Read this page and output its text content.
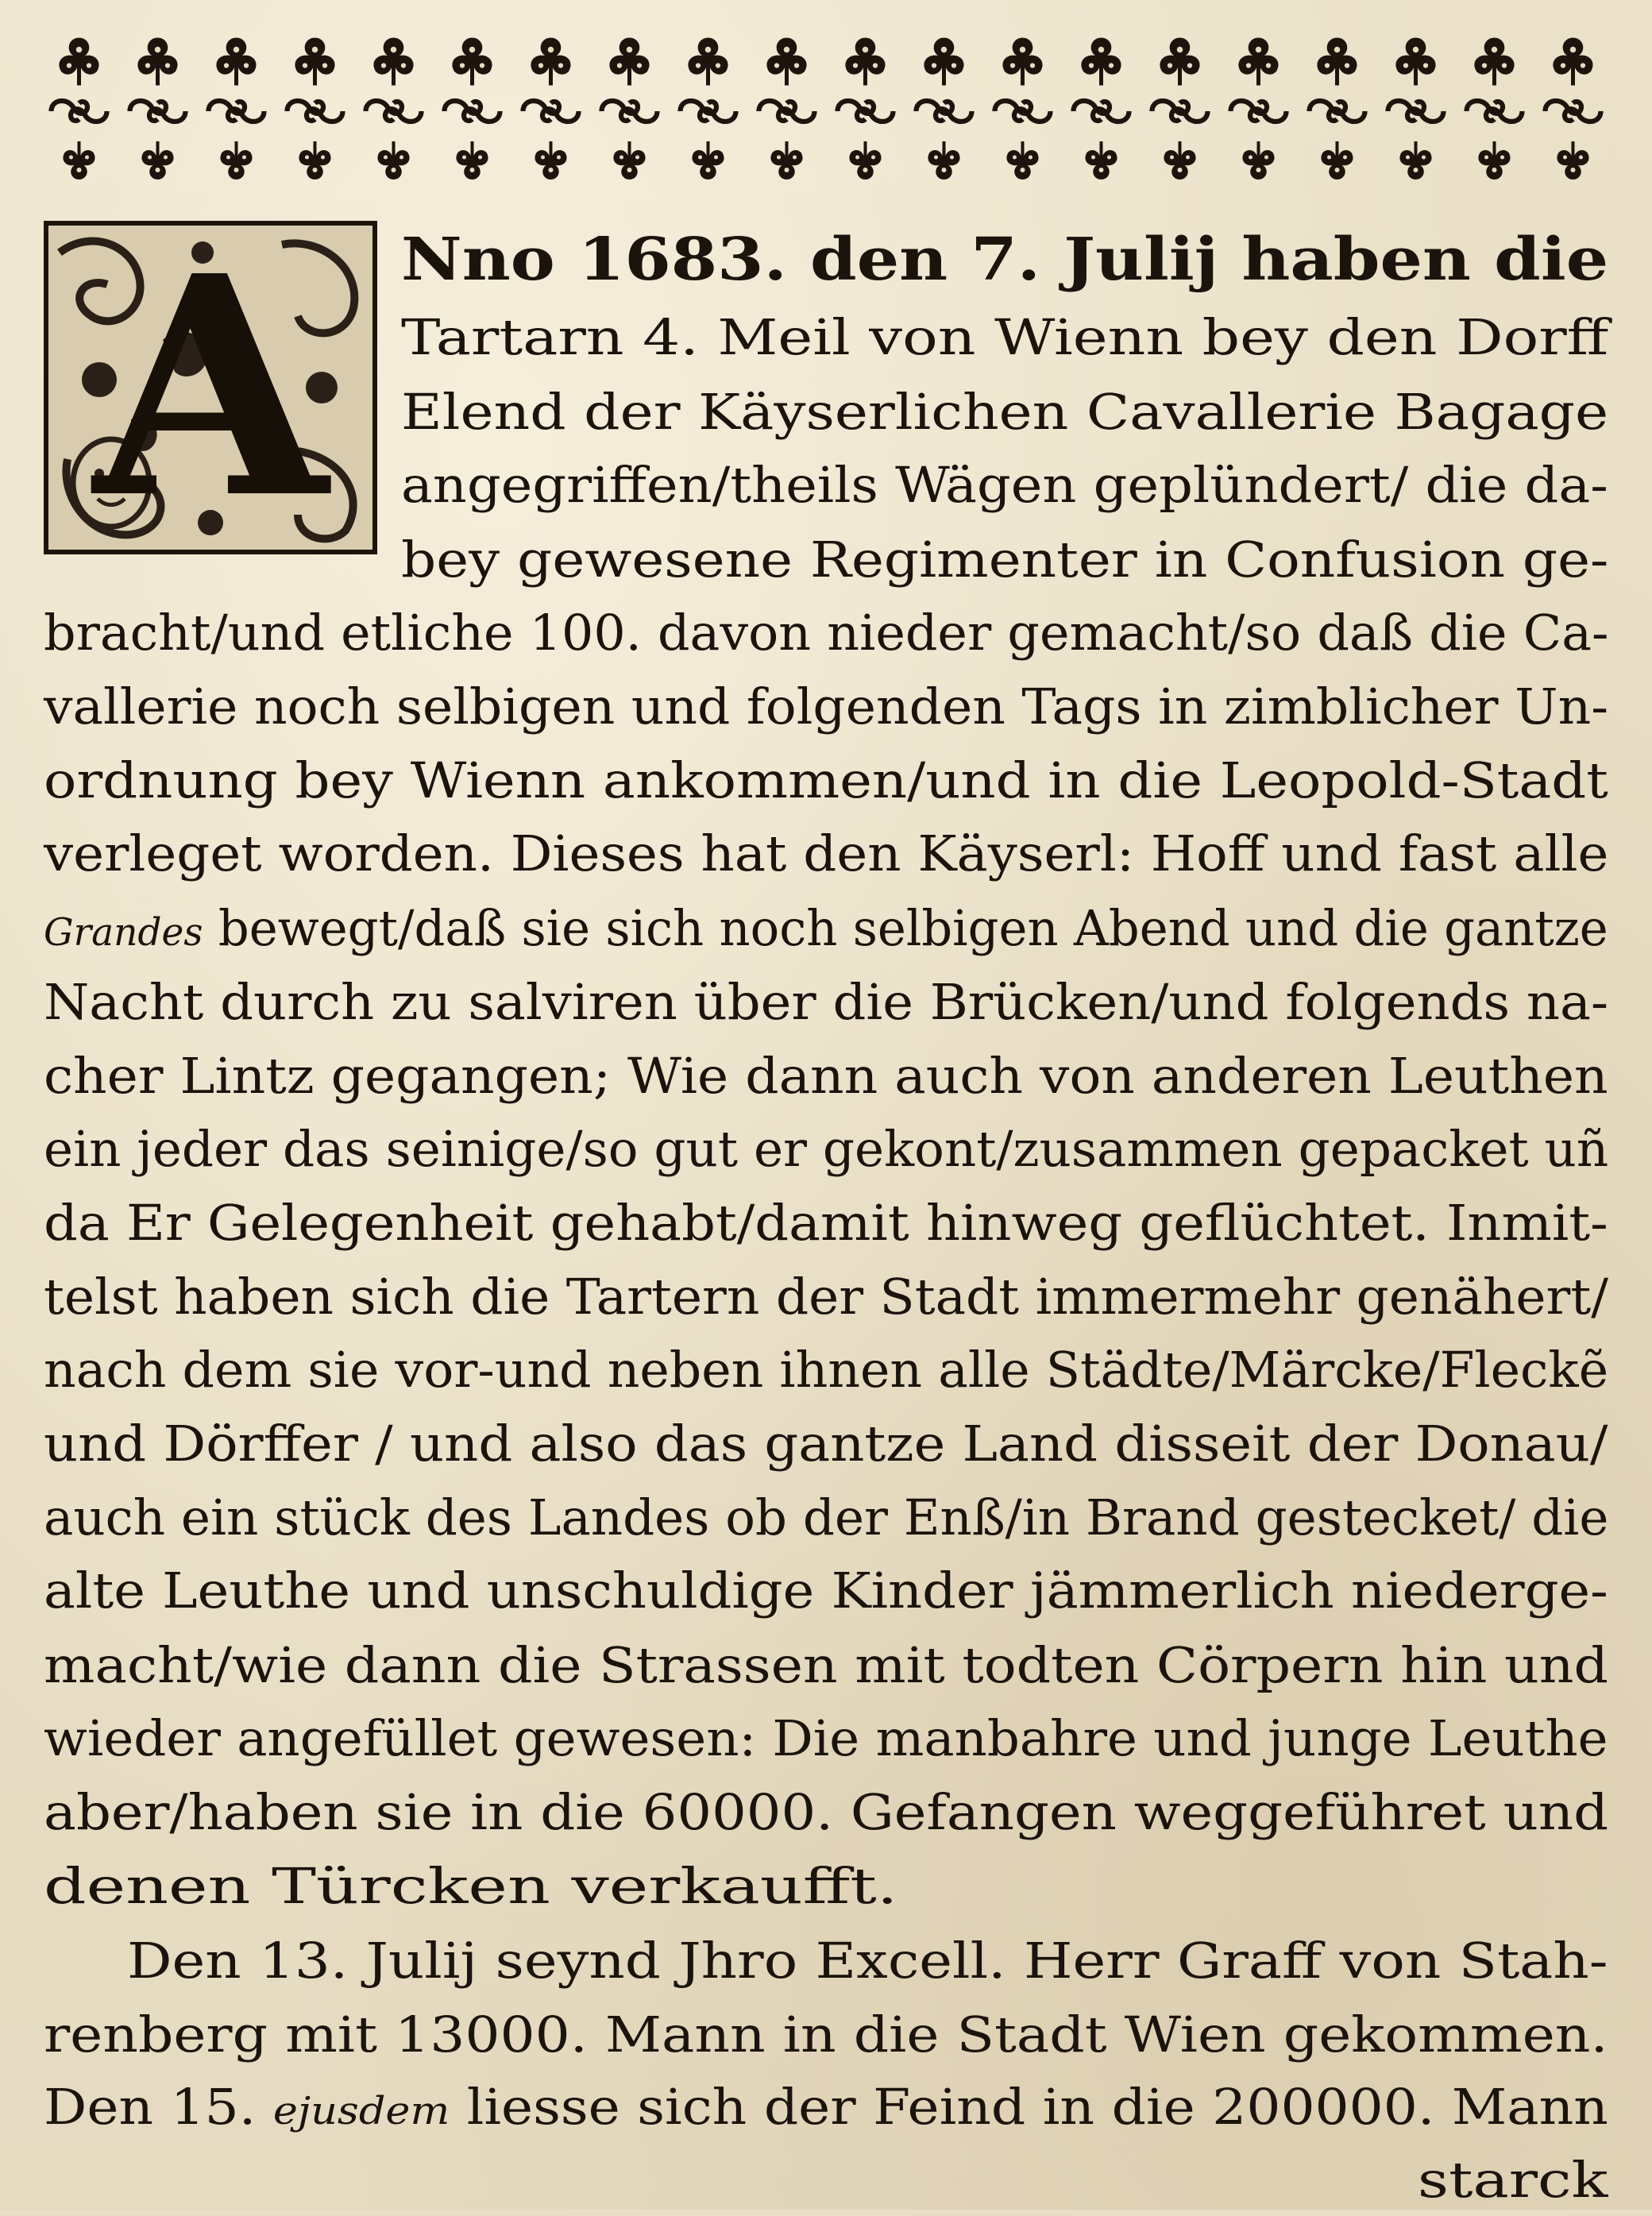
A	Nno 1683. den 7. Julij haben die
Tartarn 4. Meil von Wienn bey den Dorff
Elend der Käyserlichen Cavallerie Bagage
angegriffen/theils Wägen geplündert/ die da-
bey gewesene Regimenter in Confusion ge-
bracht/und etliche 100. davon nieder gemacht/so daß die Ca-
vallerie noch selbigen und folgenden Tags in zimblicher Un-
ordnung bey Wienn ankommen/und in die Leopold-Stadt
verleget worden. Dieses hat den Käyserl: Hoff und fast alle
Grandes bewegt/daß sie sich noch selbigen Abend und die gantze
Nacht durch zu salviren über die Brücken/und folgends na-
cher Lintz gegangen; Wie dann auch von anderen Leuthen
ein jeder das seinige/so gut er gekont/zusammen gepacket uñ
da Er Gelegenheit gehabt/damit hinweg geflüchtet. Inmit-
telst haben sich die Tartern der Stadt immermehr genähert/
nach dem sie vor-und neben ihnen alle Städte/Märcke/Fleckẽ
und Dörffer / und also das gantze Land disseit der Donau/
auch ein stück des Landes ob der Enß/in Brand gestecket/ die
alte Leuthe und unschuldige Kinder jämmerlich niederge-
macht/wie dann die Strassen mit todten Cörpern hin und
wieder angefüllet gewesen: Die manbahre und junge Leuthe
aber/haben sie in die 60000. Gefangen weggeführet und
denen Türcken verkaufft.
Den 13. Julij seynd Jhro Excell. Herr Graff von Stah-
renberg mit 13000. Mann in die Stadt Wien gekommen.
Den 15. ejusdem liesse sich der Feind in die 200000. Mann
starck
